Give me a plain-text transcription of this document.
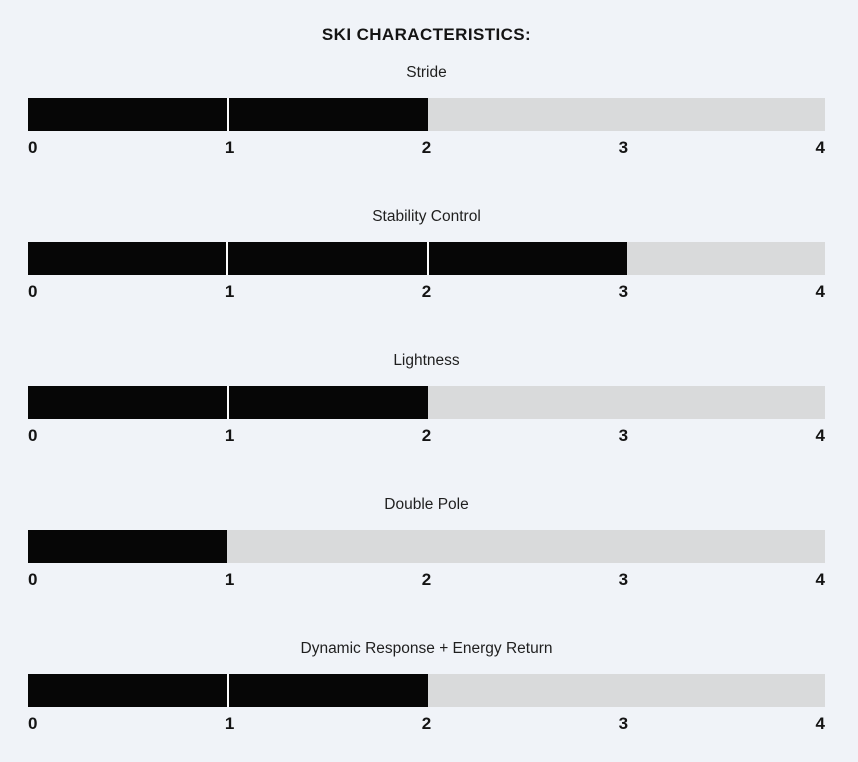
SKI CHARACTERISTICS:
Stride
0	1	2	3	4
Stability Control
0	1	2	3	4
Lightness
0	1	2	3	4
Double Pole
0	1	2	3	4
Dynamic Response + Energy Return
0	1	2	3	4
